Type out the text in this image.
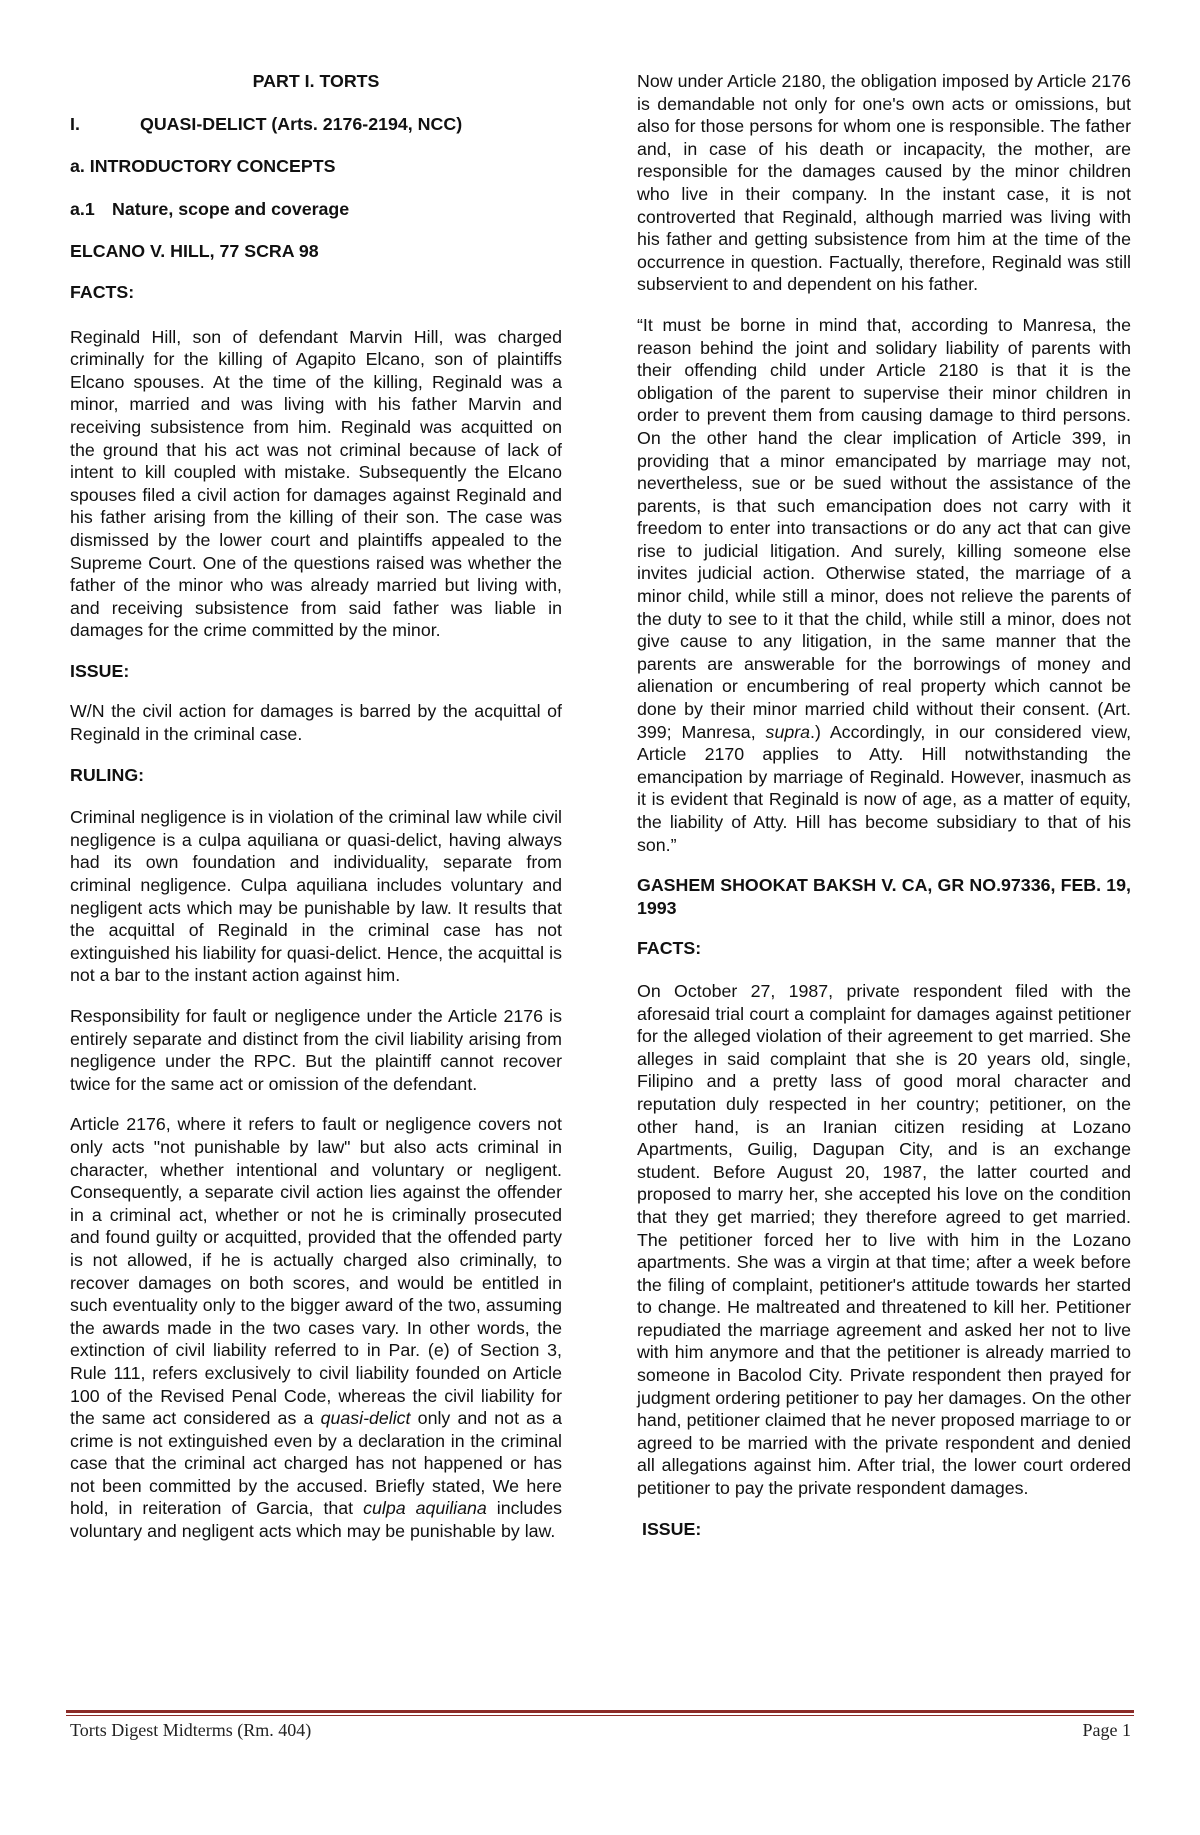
PART I. TORTS

I.	QUASI-DELICT (Arts. 2176-2194, NCC)

a. INTRODUCTORY CONCEPTS

a.1 Nature, scope and coverage

ELCANO V. HILL, 77 SCRA 98

FACTS:

Reginald Hill, son of defendant Marvin Hill, was charged criminally for the killing of Agapito Elcano, son of plaintiffs Elcano spouses. At the time of the killing, Reginald was a minor, married and was living with his father Marvin and receiving subsistence from him. Reginald was acquitted on the ground that his act was not criminal because of lack of intent to kill coupled with mistake. Subsequently the Elcano spouses filed a civil action for damages against Reginald and his father arising from the killing of their son. The case was dismissed by the lower court and plaintiffs appealed to the Supreme Court. One of the questions raised was whether the father of the minor who was already married but living with, and receiving subsistence from said father was liable in damages for the crime committed by the minor.

ISSUE:

W/N the civil action for damages is barred by the acquittal of Reginald in the criminal case.

RULING:

Criminal negligence is in violation of the criminal law while civil negligence is a culpa aquiliana or quasi-delict, having always had its own foundation and individuality, separate from criminal negligence. Culpa aquiliana includes voluntary and negligent acts which may be punishable by law. It results that the acquittal of Reginald in the criminal case has not extinguished his liability for quasi-delict. Hence, the acquittal is not a bar to the instant action against him.

Responsibility for fault or negligence under the Article 2176 is entirely separate and distinct from the civil liability arising from negligence under the RPC. But the plaintiff cannot recover twice for the same act or omission of the defendant.

Article 2176, where it refers to fault or negligence covers not only acts "not punishable by law" but also acts criminal in character, whether intentional and voluntary or negligent. Consequently, a separate civil action lies against the offender in a criminal act, whether or not he is criminally prosecuted and found guilty or acquitted, provided that the offended party is not allowed, if he is actually charged also criminally, to recover damages on both scores, and would be entitled in such eventuality only to the bigger award of the two, assuming the awards made in the two cases vary. In other words, the extinction of civil liability referred to in Par. (e) of Section 3, Rule 111, refers exclusively to civil liability founded on Article 100 of the Revised Penal Code, whereas the civil liability for the same act considered as a quasi-delict only and not as a crime is not extinguished even by a declaration in the criminal case that the criminal act charged has not happened or has not been committed by the accused. Briefly stated, We here hold, in reiteration of Garcia, that culpa aquiliana includes voluntary and negligent acts which may be punishable by law.

Now under Article 2180, the obligation imposed by Article 2176 is demandable not only for one's own acts or omissions, but also for those persons for whom one is responsible. The father and, in case of his death or incapacity, the mother, are responsible for the damages caused by the minor children who live in their company. In the instant case, it is not controverted that Reginald, although married was living with his father and getting subsistence from him at the time of the occurrence in question. Factually, therefore, Reginald was still subservient to and dependent on his father.

“It must be borne in mind that, according to Manresa, the reason behind the joint and solidary liability of parents with their offending child under Article 2180 is that it is the obligation of the parent to supervise their minor children in order to prevent them from causing damage to third persons. On the other hand the clear implication of Article 399, in providing that a minor emancipated by marriage may not, nevertheless, sue or be sued without the assistance of the parents, is that such emancipation does not carry with it freedom to enter into transactions or do any act that can give rise to judicial litigation. And surely, killing someone else invites judicial action. Otherwise stated, the marriage of a minor child, while still a minor, does not relieve the parents of the duty to see to it that the child, while still a minor, does not give cause to any litigation, in the same manner that the parents are answerable for the borrowings of money and alienation or encumbering of real property which cannot be done by their minor married child without their consent. (Art. 399; Manresa, supra.) Accordingly, in our considered view, Article 2170 applies to Atty. Hill notwithstanding the emancipation by marriage of Reginald. However, inasmuch as it is evident that Reginald is now of age, as a matter of equity, the liability of Atty. Hill has become subsidiary to that of his son.”

GASHEM SHOOKAT BAKSH V. CA, GR NO.97336, FEB. 19, 1993

FACTS:

On October 27, 1987, private respondent filed with the aforesaid trial court a complaint for damages against petitioner for the alleged violation of their agreement to get married. She alleges in said complaint that she is 20 years old, single, Filipino and a pretty lass of good moral character and reputation duly respected in her country; petitioner, on the other hand, is an Iranian citizen residing at Lozano Apartments, Guilig, Dagupan City, and is an exchange student. Before August 20, 1987, the latter courted and proposed to marry her, she accepted his love on the condition that they get married; they therefore agreed to get married. The petitioner forced her to live with him in the Lozano apartments. She was a virgin at that time; after a week before the filing of complaint, petitioner's attitude towards her started to change. He maltreated and threatened to kill her. Petitioner repudiated the marriage agreement and asked her not to live with him anymore and that the petitioner is already married to someone in Bacolod City. Private respondent then prayed for judgment ordering petitioner to pay her damages. On the other hand, petitioner claimed that he never proposed marriage to or agreed to be married with the private respondent and denied all allegations against him. After trial, the lower court ordered petitioner to pay the private respondent damages.

ISSUE:

Torts Digest Midterms (Rm. 404)	Page 1
